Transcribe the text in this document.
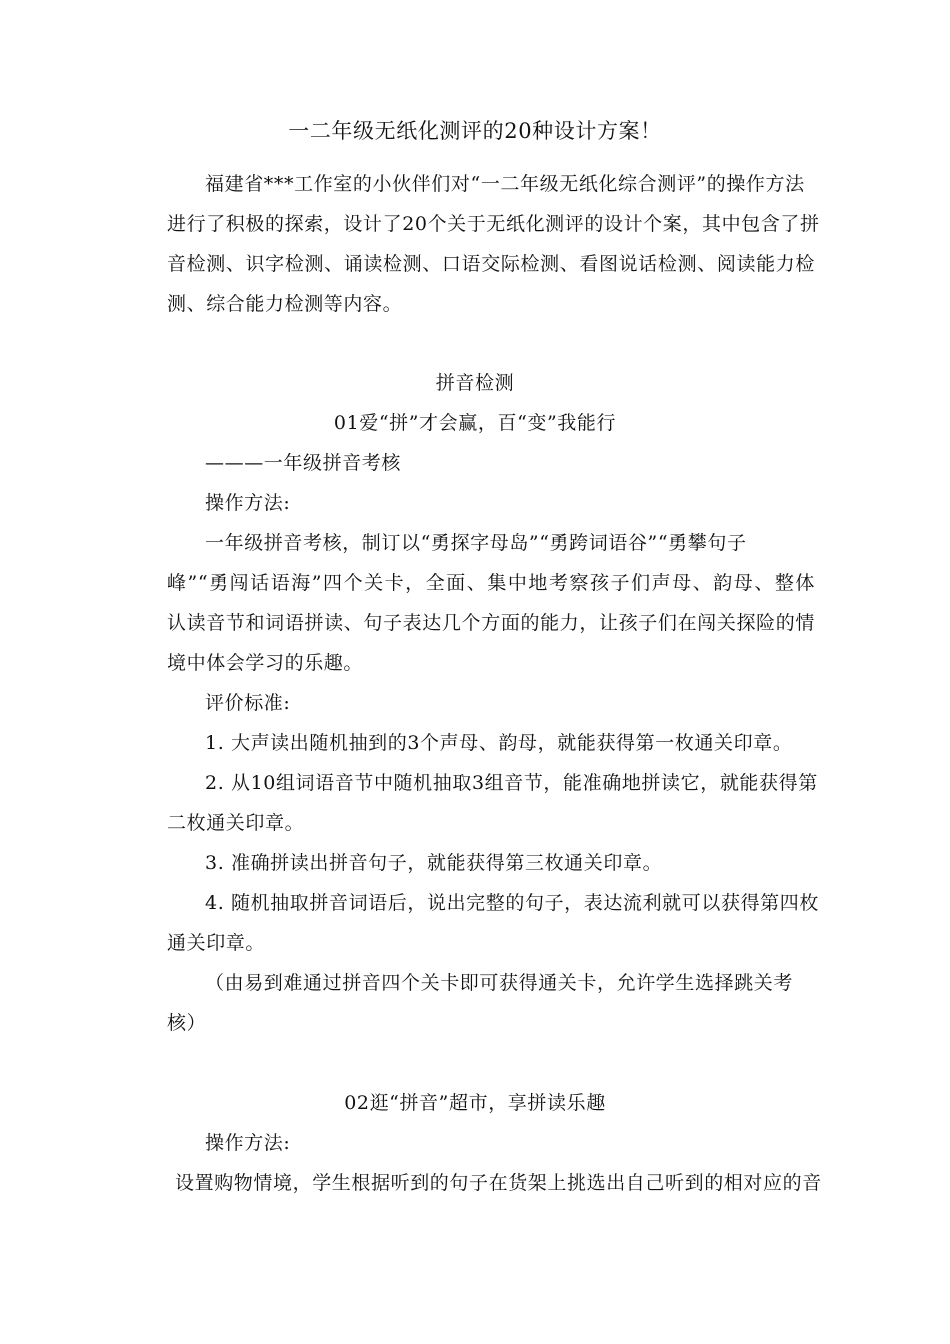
一二年级无纸化测评的20种设计方案！
福建省***工作室的小伙伴们对“一二年级无纸化综合测评”的操作方法
进行了积极的探索，设计了20个关于无纸化测评的设计个案，其中包含了拼
音检测、识字检测、诵读检测、口语交际检测、看图说话检测、阅读能力检
测、综合能力检测等内容。
拼音检测
01爱“拼”才会赢，百“变”我能行
———一年级拼音考核
操作方法:
一年级拼音考核，制订以“勇探字母岛”“勇跨词语谷”“勇攀句子
峰”“勇闯话语海”四个关卡，全面、集中地考察孩子们声母、韵母、整体
认读音节和词语拼读、句子表达几个方面的能力，让孩子们在闯关探险的情
境中体会学习的乐趣。
评价标准:
1. 大声读出随机抽到的3个声母、韵母，就能获得第一枚通关印章。
2. 从10组词语音节中随机抽取3组音节，能准确地拼读它，就能获得第
二枚通关印章。
3. 准确拼读出拼音句子，就能获得第三枚通关印章。
4. 随机抽取拼音词语后，说出完整的句子，表达流利就可以获得第四枚
通关印章。
（由易到难通过拼音四个关卡即可获得通关卡，允许学生选择跳关考
核）
02逛“拼音”超市，享拼读乐趣
操作方法:
设置购物情境，学生根据听到的句子在货架上挑选出自己听到的相对应的音
